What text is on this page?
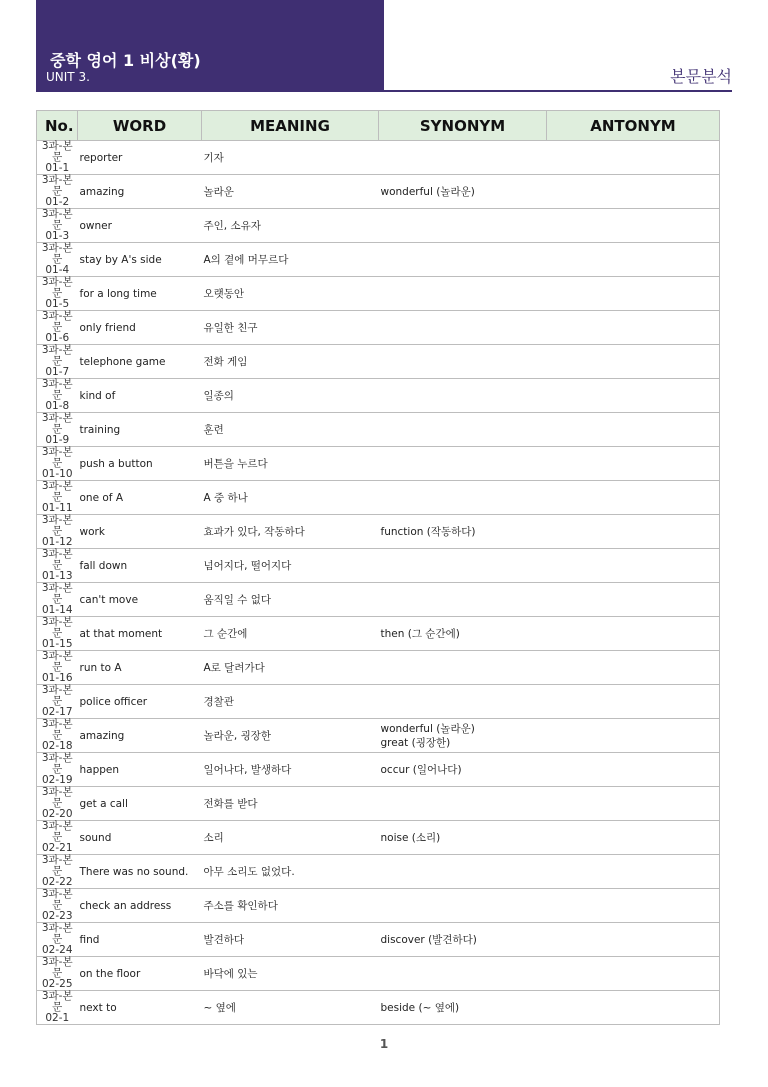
중학 영어 1 비상(황)
UNIT 3.	본문분석
No.	WORD	MEANING	SYNONYM	ANTONYM

3과-본문
01-1	reporter	기자		

3과-본문
01-2	amazing	놀라운	wonderful (놀라운)	

3과-본문
01-3	owner	주인, 소유자		

3과-본문
01-4	stay by A's side	A의 곁에 머무르다		

3과-본문
01-5	for a long time	오랫동안		

3과-본문
01-6	only friend	유일한 친구		

3과-본문
01-7	telephone game	전화 게임		

3과-본문
01-8	kind of	일종의		

3과-본문
01-9	training	훈련		

3과-본문
01-10	push a button	버튼을 누르다		

3과-본문
01-11	one of A	A 중 하나		

3과-본문
01-12	work	효과가 있다, 작동하다	function (작동하다)	

3과-본문
01-13	fall down	넘어지다, 떨어지다		

3과-본문
01-14	can't move	움직일 수 없다		

3과-본문
01-15	at that moment	그 순간에	then (그 순간에)	

3과-본문
01-16	run to A	A로 달려가다		

3과-본문
02-17	police officer	경찰관		

3과-본문
02-18	amazing	놀라운, 굉장한	wonderful (놀라운)
great (굉장한)	

3과-본문
02-19	happen	일어나다, 발생하다	occur (일어나다)	

3과-본문
02-20	get a call	전화를 받다		

3과-본문
02-21	sound	소리	noise (소리)	

3과-본문
02-22	There was no sound.	아무 소리도 없었다.		

3과-본문
02-23	check an address	주소를 확인하다		

3과-본문
02-24	find	발견하다	discover (발견하다)	

3과-본문
02-25	on the floor	바닥에 있는		

3과-본문
02-1	next to	~ 옆에	beside (~ 옆에)	
1
